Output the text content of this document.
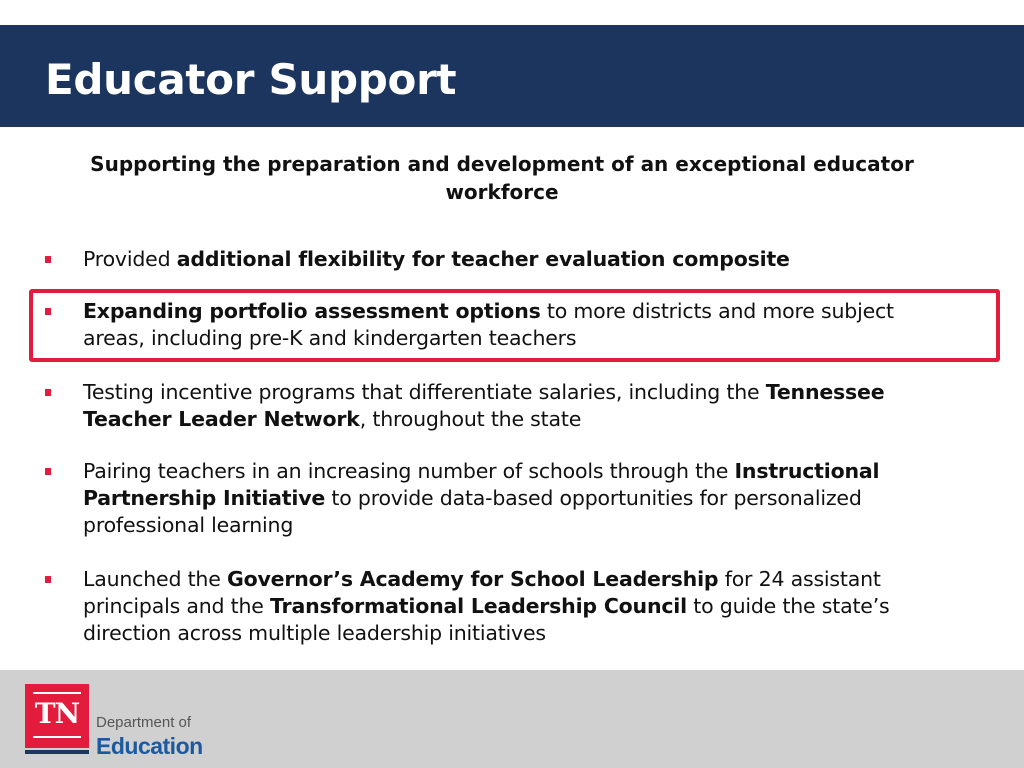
Educator Support
Supporting the preparation and development of an exceptional educator workforce
Provided additional flexibility for teacher evaluation composite
Expanding portfolio assessment options to more districts and more subject areas, including pre-K and kindergarten teachers
Testing incentive programs that differentiate salaries, including the Tennessee Teacher Leader Network, throughout the state
Pairing teachers in an increasing number of schools through the Instructional Partnership Initiative to provide data-based opportunities for personalized professional learning
Launched the Governor’s Academy for School Leadership for 24 assistant principals and the Transformational Leadership Council to guide the state’s direction across multiple leadership initiatives
TN	Department of
Education
